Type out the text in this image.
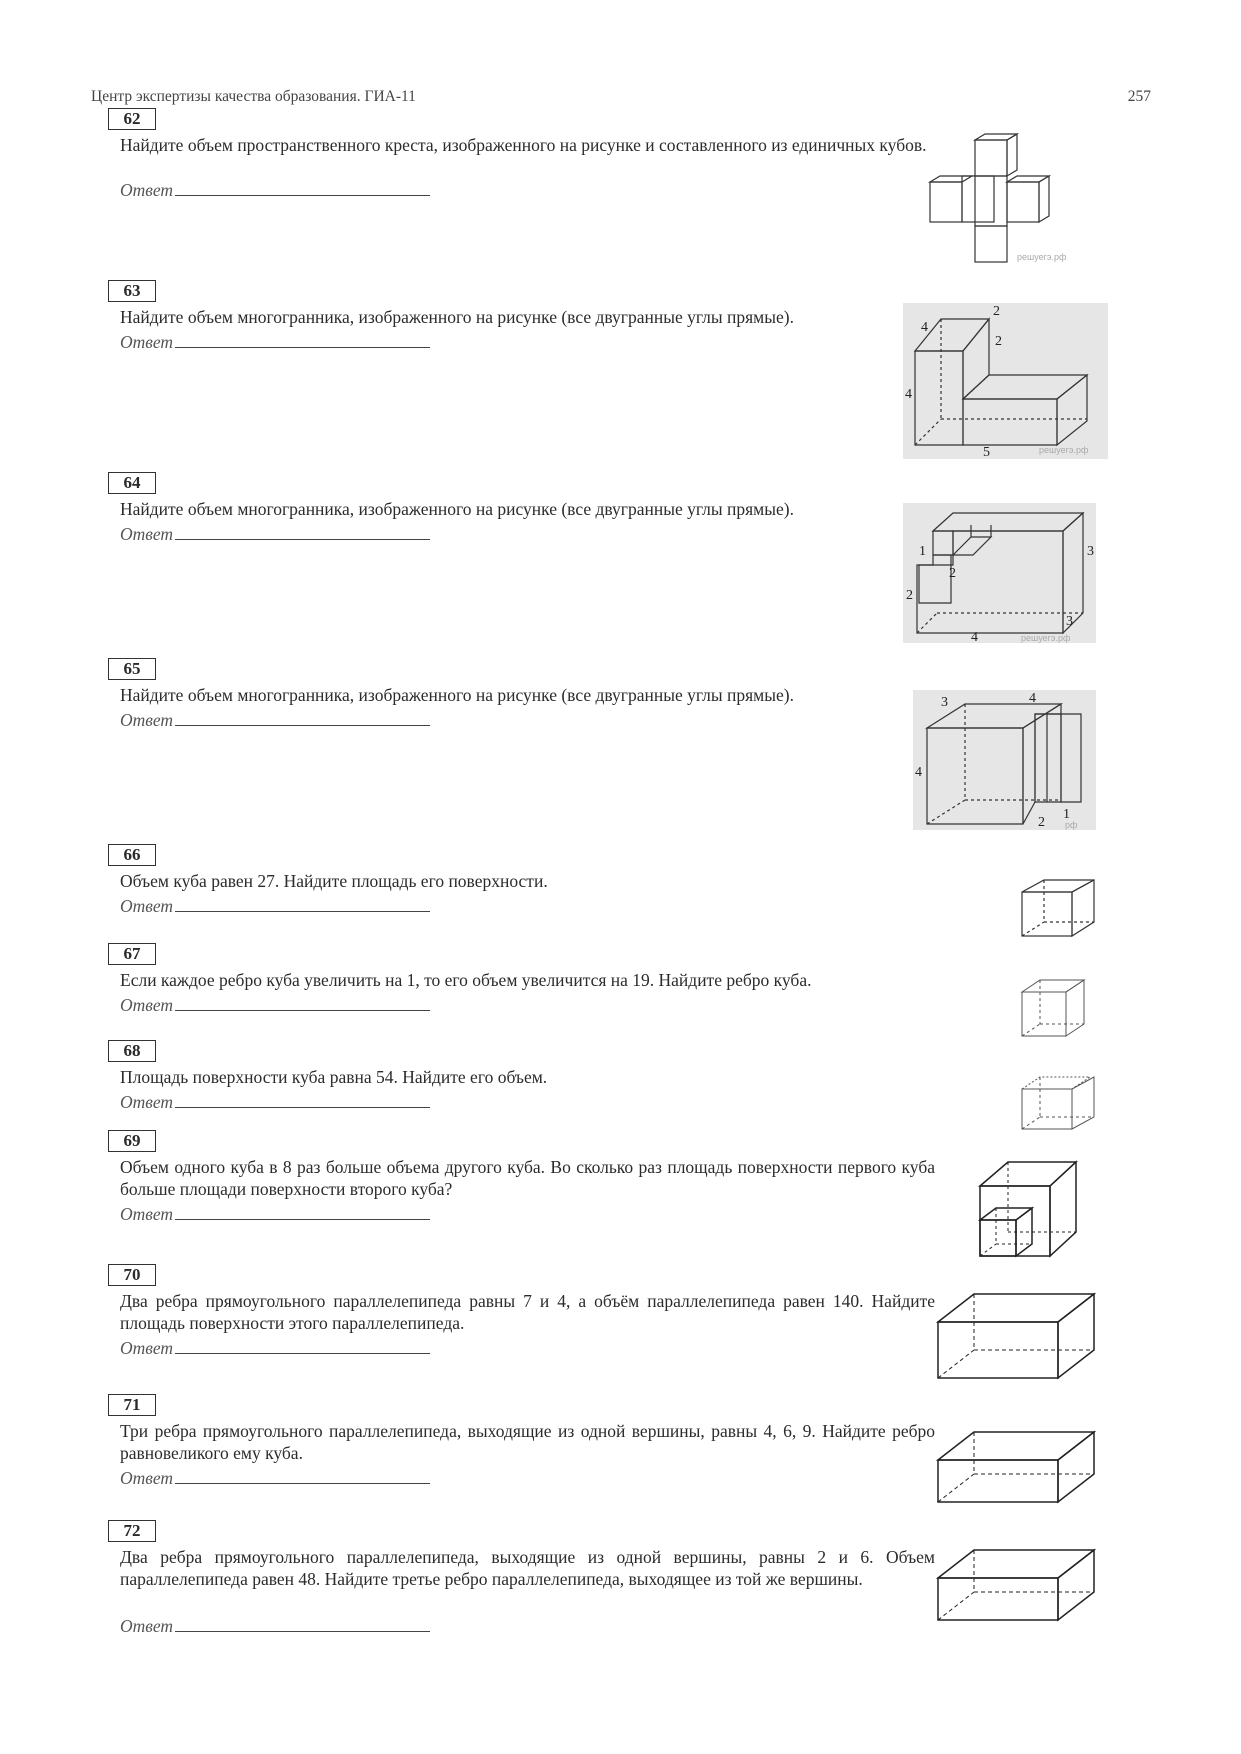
Центр экспертизы качества образования. ГИА-11	257
62
Найдите объем пространственного креста, изображенного на рисунке и составленного из единичных кубов.
Ответ
решуегэ.рф
63
Найдите объем многогранника, изображенного на рисунке (все двугранные углы прямые).
Ответ
2
4
2
4
5	решуегэ.рф
64
Найдите объем многогранника, изображенного на рисунке (все двугранные углы прямые).
Ответ
1
2
2
3
3
4	решуегэ.рф
65
Найдите объем многогранника, изображенного на рисунке (все двугранные углы прямые).
Ответ
3	4
4
2
1
рф
66
Объем куба равен 27. Найдите площадь его поверхности.
Ответ
67
Если каждое ребро куба увеличить на 1, то его объем увеличится на 19. Найдите ребро куба.
Ответ
68
Площадь поверхности куба равна 54. Найдите его объем.
Ответ
69
Объем одного куба в 8 раз больше объема другого куба. Во сколько раз площадь поверхности первого куба больше площади поверхности второго куба?
Ответ
70
Два ребра прямоугольного параллелепипеда равны 7 и 4, а объём параллелепипеда равен 140. Найдите площадь поверхности этого параллелепипеда.
Ответ
71
Три ребра прямоугольного параллелепипеда, выходящие из одной вершины, равны 4, 6, 9. Найдите ребро равновеликого ему куба.
Ответ
72
Два ребра прямоугольного параллелепипеда, выходящие из одной вершины, равны 2 и 6. Объем параллелепипеда равен 48. Найдите третье ребро параллелепипеда, выходящее из той же вершины.
Ответ
